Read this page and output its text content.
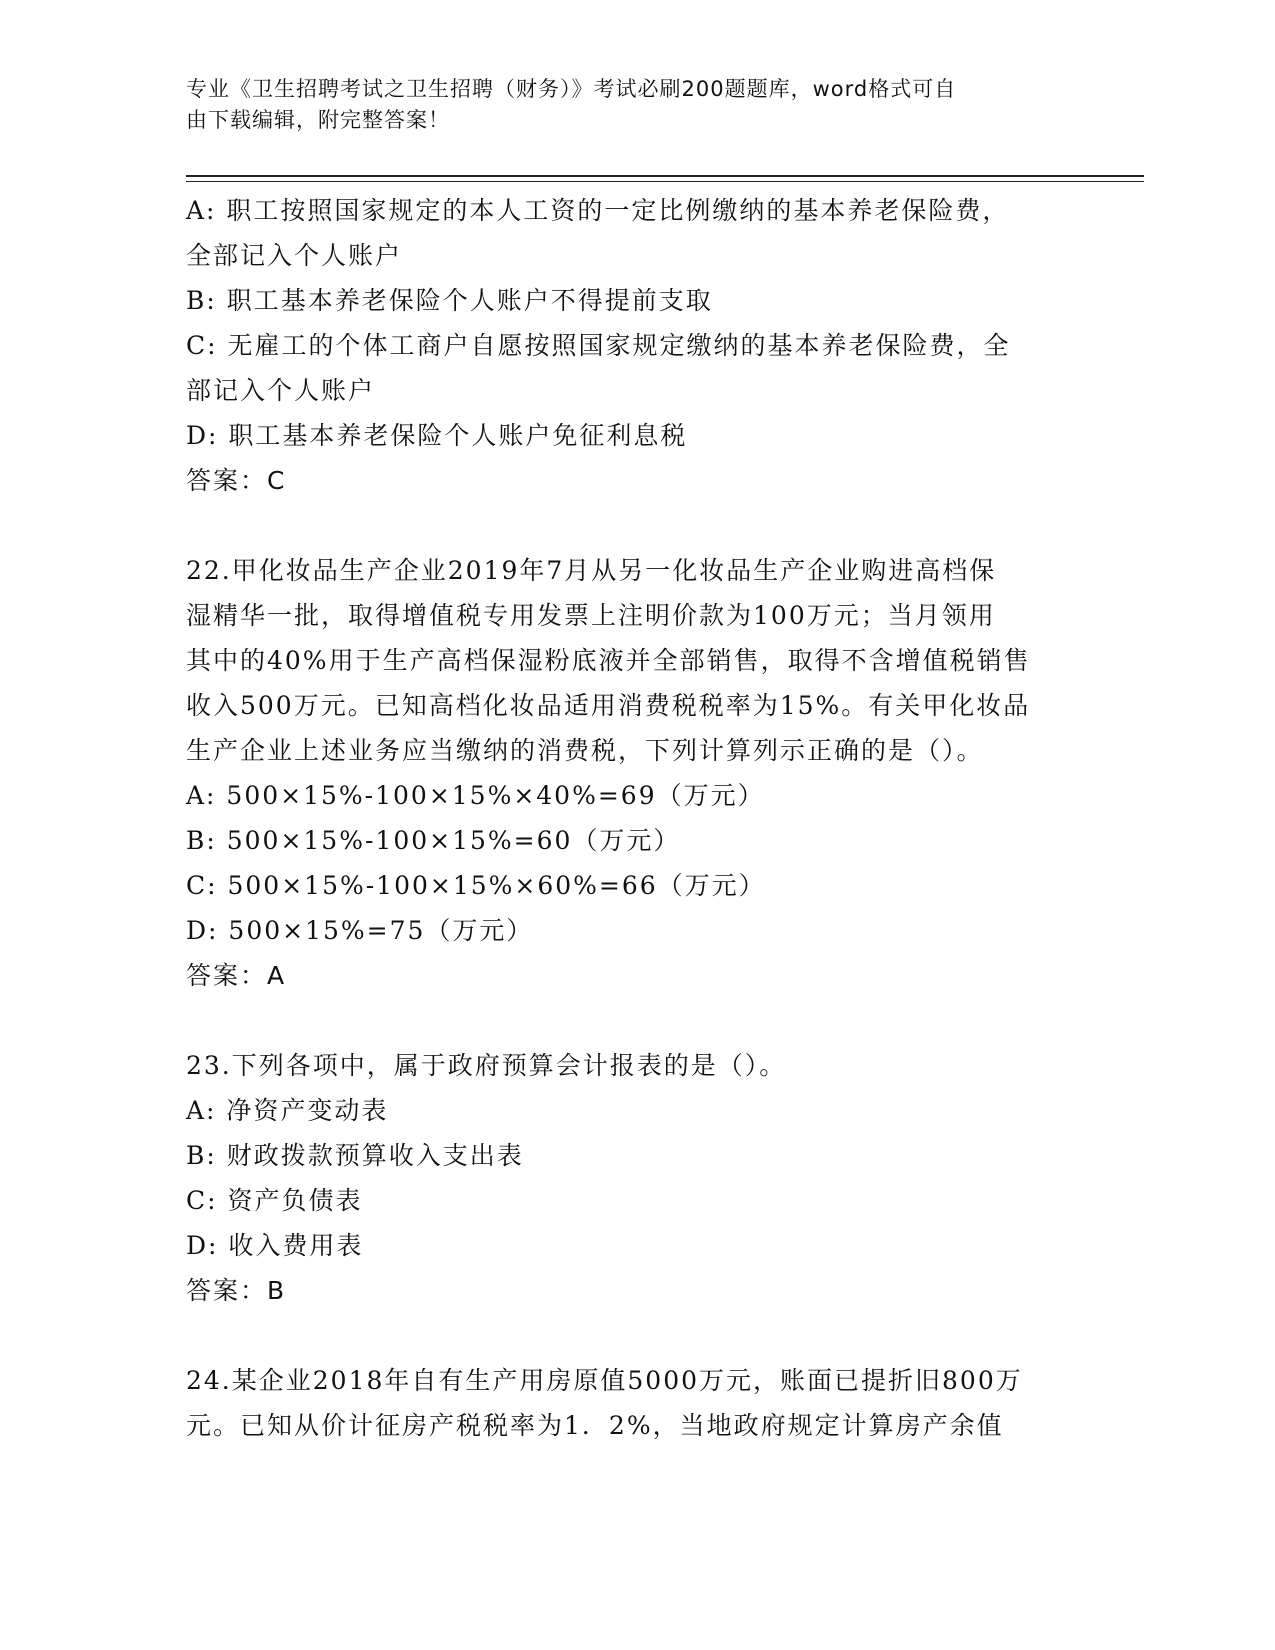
专业《卫生招聘考试之卫生招聘（财务）》考试必刷200题题库，word格式可自
由下载编辑，附完整答案！
A: 职工按照国家规定的本人工资的一定比例缴纳的基本养老保险费，
全部记入个人账户
B: 职工基本养老保险个人账户不得提前支取
C: 无雇工的个体工商户自愿按照国家规定缴纳的基本养老保险费，全
部记入个人账户
D: 职工基本养老保险个人账户免征利息税
答案：C
22.甲化妆品生产企业2019年7月从另一化妆品生产企业购进高档保
湿精华一批，取得增值税专用发票上注明价款为100万元；当月领用
其中的40%用于生产高档保湿粉底液并全部销售，取得不含增值税销售
收入500万元。已知高档化妆品适用消费税税率为15%。有关甲化妆品
生产企业上述业务应当缴纳的消费税，下列计算列示正确的是（）。
A: 500×15%-100×15%×40%=69（万元）
B: 500×15%-100×15%=60（万元）
C: 500×15%-100×15%×60%=66（万元）
D: 500×15%=75（万元）
答案：A
23.下列各项中，属于政府预算会计报表的是（）。
A: 净资产变动表
B: 财政拨款预算收入支出表
C: 资产负债表
D: 收入费用表
答案：B
24.某企业2018年自有生产用房原值5000万元，账面已提折旧800万
元。已知从价计征房产税税率为1．2%，当地政府规定计算房产余值
